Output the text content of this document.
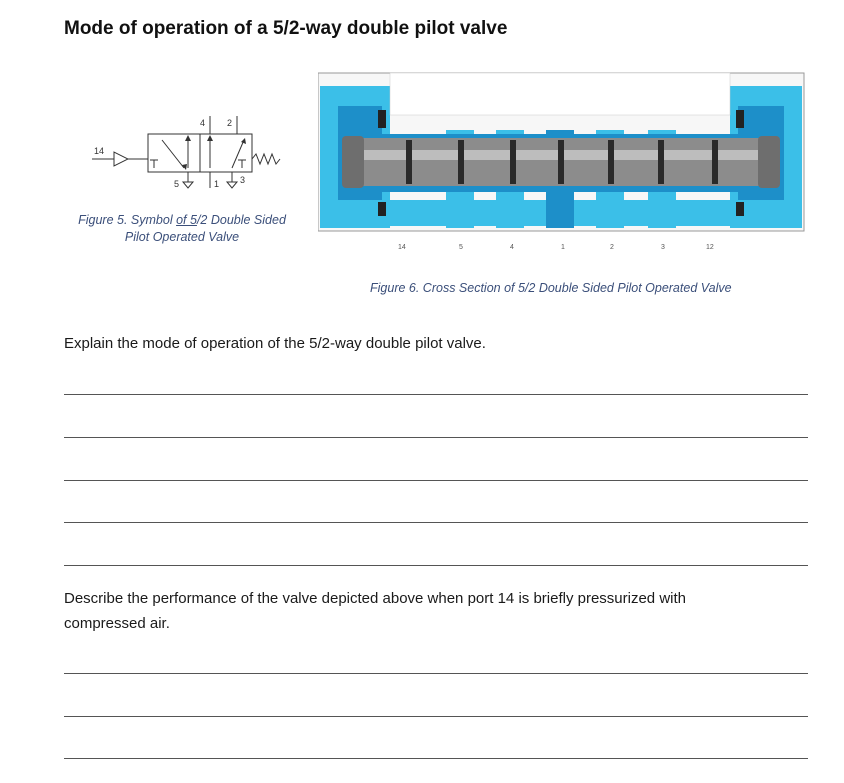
Mode of operation of a 5/2-way double pilot valve
14
4 2
5	1 3
Figure 5. Symbol of 5/2 Double Sided
Pilot Operated Valve
14	5	4	1	2	3	12
Figure 6. Cross Section of 5/2 Double Sided Pilot Operated Valve
Explain the mode of operation of the 5/2-way double pilot valve.
Describe the performance of the valve depicted above when port 14 is briefly pressurized with
compressed air.
